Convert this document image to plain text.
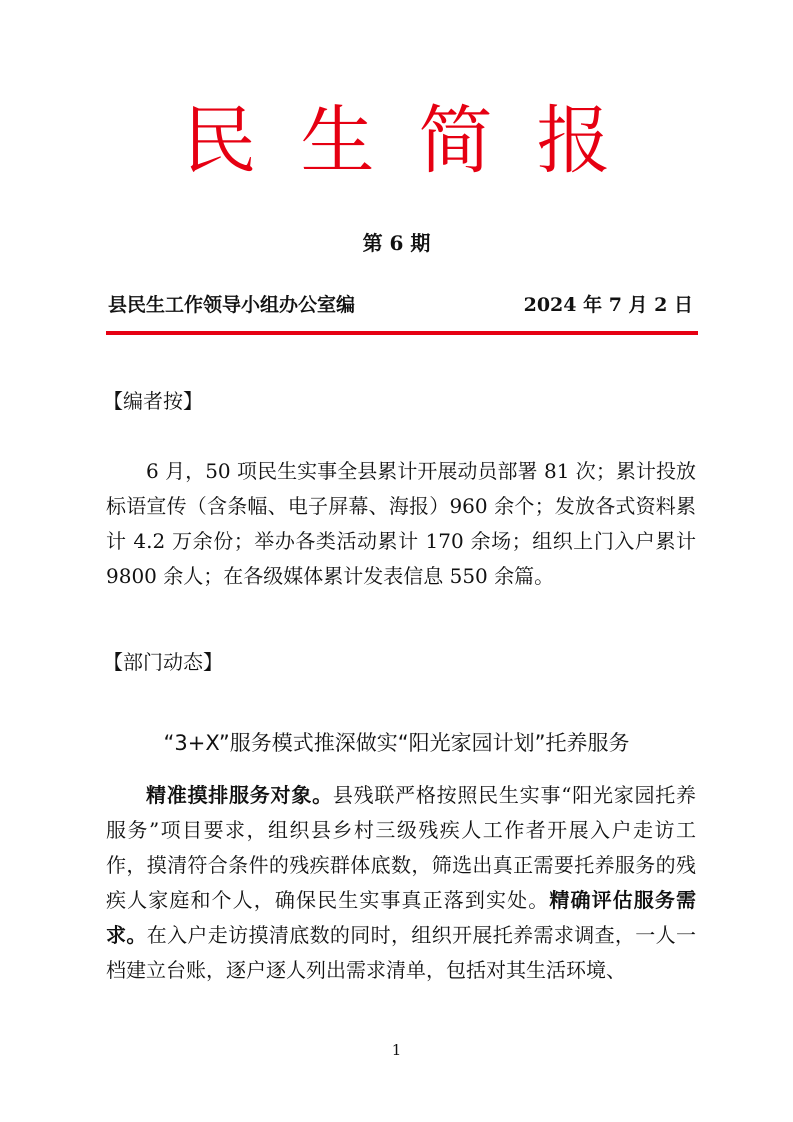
民生简报
第 6 期
县民生工作领导小组办公室编	2024 年 7 月 2 日
【编者按】

6 月，50 项民生实事全县累计开展动员部署 81 次；累计投放标语宣传（含条幅、电子屏幕、海报）960 余个；发放各式资料累计 4.2 万余份；举办各类活动累计 170 余场；组织上门入户累计 9800 余人；在各级媒体累计发表信息 550 余篇。

【部门动态】
“3+X”服务模式推深做实“阳光家园计划”托养服务

精准摸排服务对象。县残联严格按照民生实事“阳光家园托养服务”项目要求，组织县乡村三级残疾人工作者开展入户走访工作，摸清符合条件的残疾群体底数，筛选出真正需要托养服务的残疾人家庭和个人，确保民生实事真正落到实处。精确评估服务需求。在入户走访摸清底数的同时，组织开展托养需求调查，一人一档建立台账，逐户逐人列出需求清单，包括对其生活环境、

1
